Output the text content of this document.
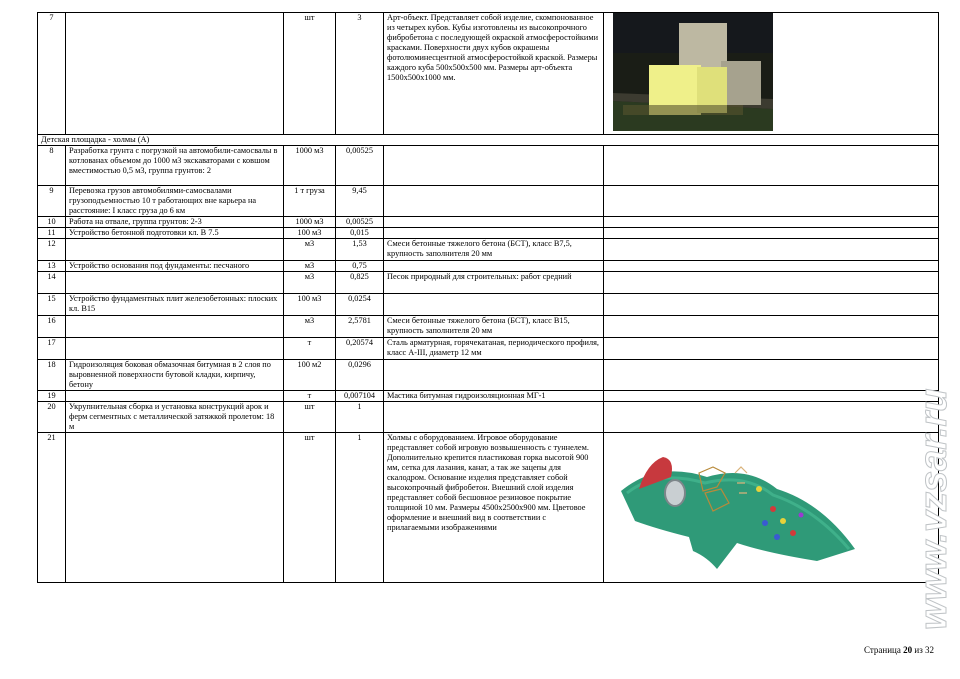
7		шт	3	Арт-объект. Представляет собой изделие, скомпонованное из четырех кубов. Кубы изготовлены из высокопрочного фибробетона с последующей окраской атмосферостойкими красками. Поверхности двух кубов окрашены фотолюминесцентной атмосферостойкой краской. Размеры каждого куба 500х500х500 мм. Размеры арт-объекта 1500х500х1000 мм.	

Детская площадка - холмы (А)					
8	Разработка грунта с погрузкой на автомобили-самосвалы в котлованах объемом до 1000 м3 экскаваторами с ковшом вместимостью 0,5 м3, группа грунтов: 2	1000 м3	0,00525		
9	Перевозка грузов автомобилями-самосвалами грузоподъемностью 10 т работающих вне карьера на расстояние: I класс груза до 6 км	1 т груза	9,45		
10	Работа на отвале, группа грунтов: 2-3	1000 м3	0,00525		
11	Устройство бетонной подготовки кл. В 7.5	100 м3	0,015		
12		м3	1,53	Смеси бетонные тяжелого бетона (БСТ), класс В7,5, крупность заполнителя 20 мм	
13	Устройство основания под фундаменты: песчаного	м3	0,75		
14		м3	0,825	Песок природный для строительных: работ средний	
15	Устройство фундаментных плит железобетонных: плоских кл. В15	100 м3	0,0254		
16		м3	2,5781	Смеси бетонные тяжелого бетона (БСТ), класс В15, крупность заполнителя 20 мм	
17		т	0,20574	Сталь арматурная, горячекатаная, периодического профиля, класс А-III, диаметр 12 мм	
18	Гидроизоляция боковая обмазочная битумная в 2 слоя по выровненной поверхности бутовой кладки, кирпичу, бетону	100 м2	0,0296		
19		т	0,007104	Мастика битумная гидроизоляционная МГ-1	
20	Укрупнительная сборка и установка конструкций арок и ферм сегментных с металлической затяжкой пролетом: 18 м	шт	1		
21		шт	1	Холмы с оборудованием. Игровое оборудование представляет собой игровую возвышенность с туннелем. Дополнительно крепится пластиковая горка высотой 900 мм, сетка для лазания, канат, а так же зацепы для скалодром. Основание изделия представляет собой высокопрочный фибробетон. Внешний слой изделия представляет собой бесшовное резиновое покрытие толщиной 10 мм. Размеры 4500х2500х900 мм. Цветовое оформление и внешний вид в соответствии с прилагаемыми изображениями		www.vzsar.ru
Страница 20 из 32
